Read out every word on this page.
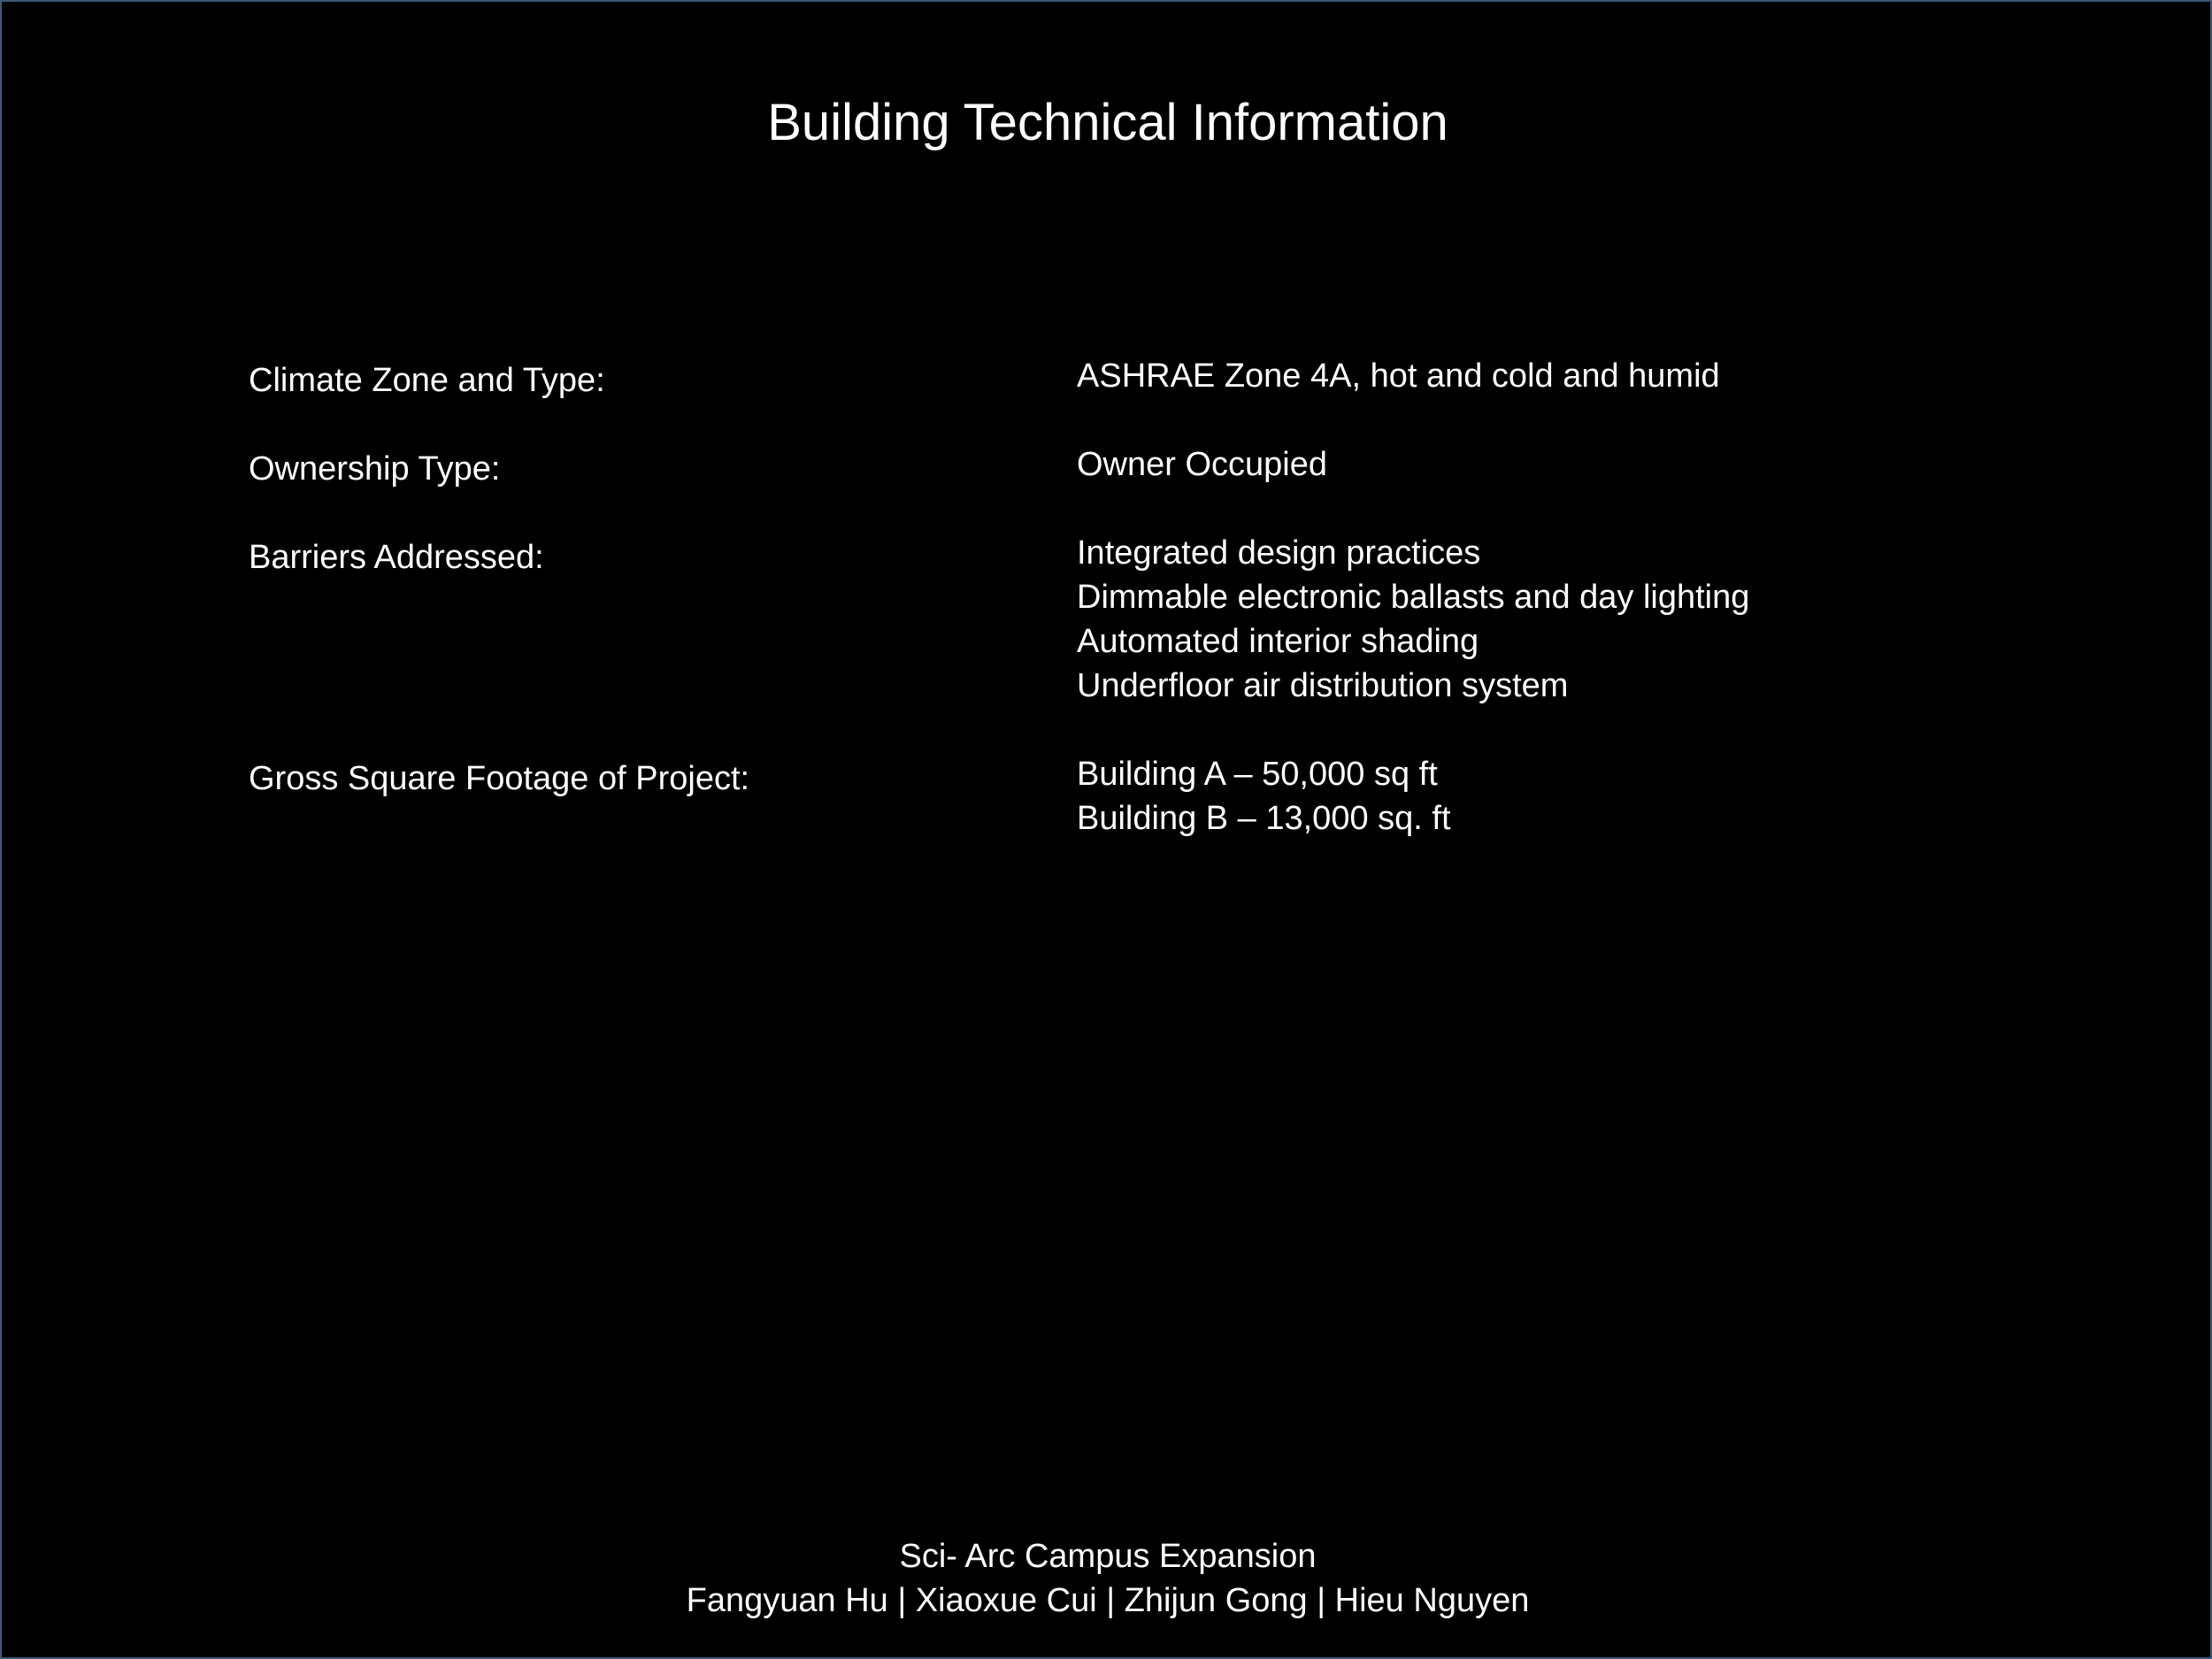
Building Technical Information
Climate Zone and Type:	ASHRAE Zone 4A, hot and cold and humid
Ownership Type:	Owner Occupied
Barriers Addressed:	Integrated design practices
Dimmable electronic ballasts and day lighting
Automated interior shading
Underfloor air distribution system
Gross Square Footage of Project:	Building A – 50,000 sq ft
Building B – 13,000 sq. ft
Sci- Arc Campus Expansion
Fangyuan Hu | Xiaoxue Cui | Zhijun Gong | Hieu Nguyen
